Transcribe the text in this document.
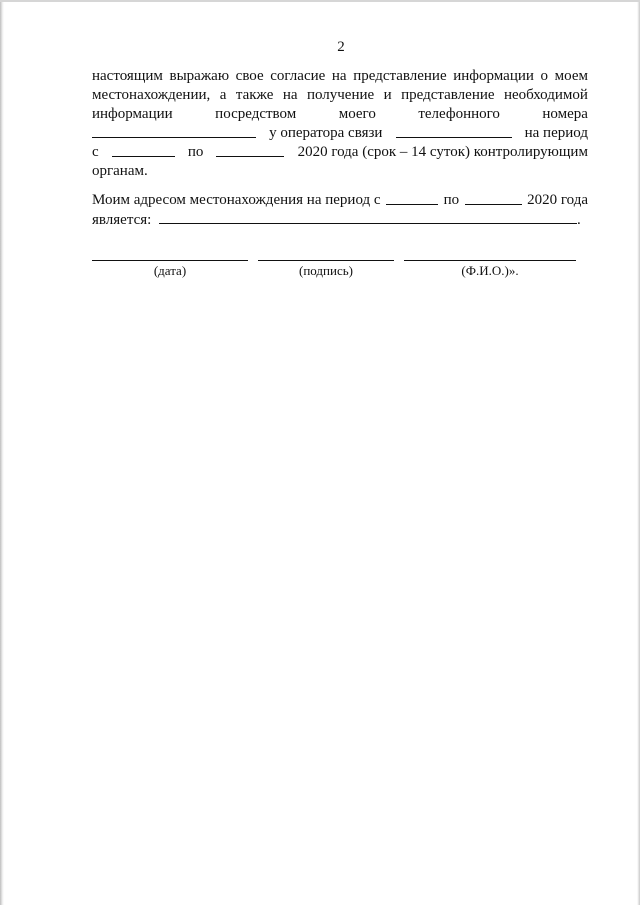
2
настоящим выражаю свое согласие на представление информации о моем
местонахождении, а также на получение и представление необходимой
информации	посредством	моего	телефонного	номера
у оператора связи	на период
с	по	2020 года (срок – 14 суток) контролирующим
органам.
Моим адресом местонахождения на период с	по	2020 года
является:	.
(дата)	(подпись)	(Ф.И.О.)».
